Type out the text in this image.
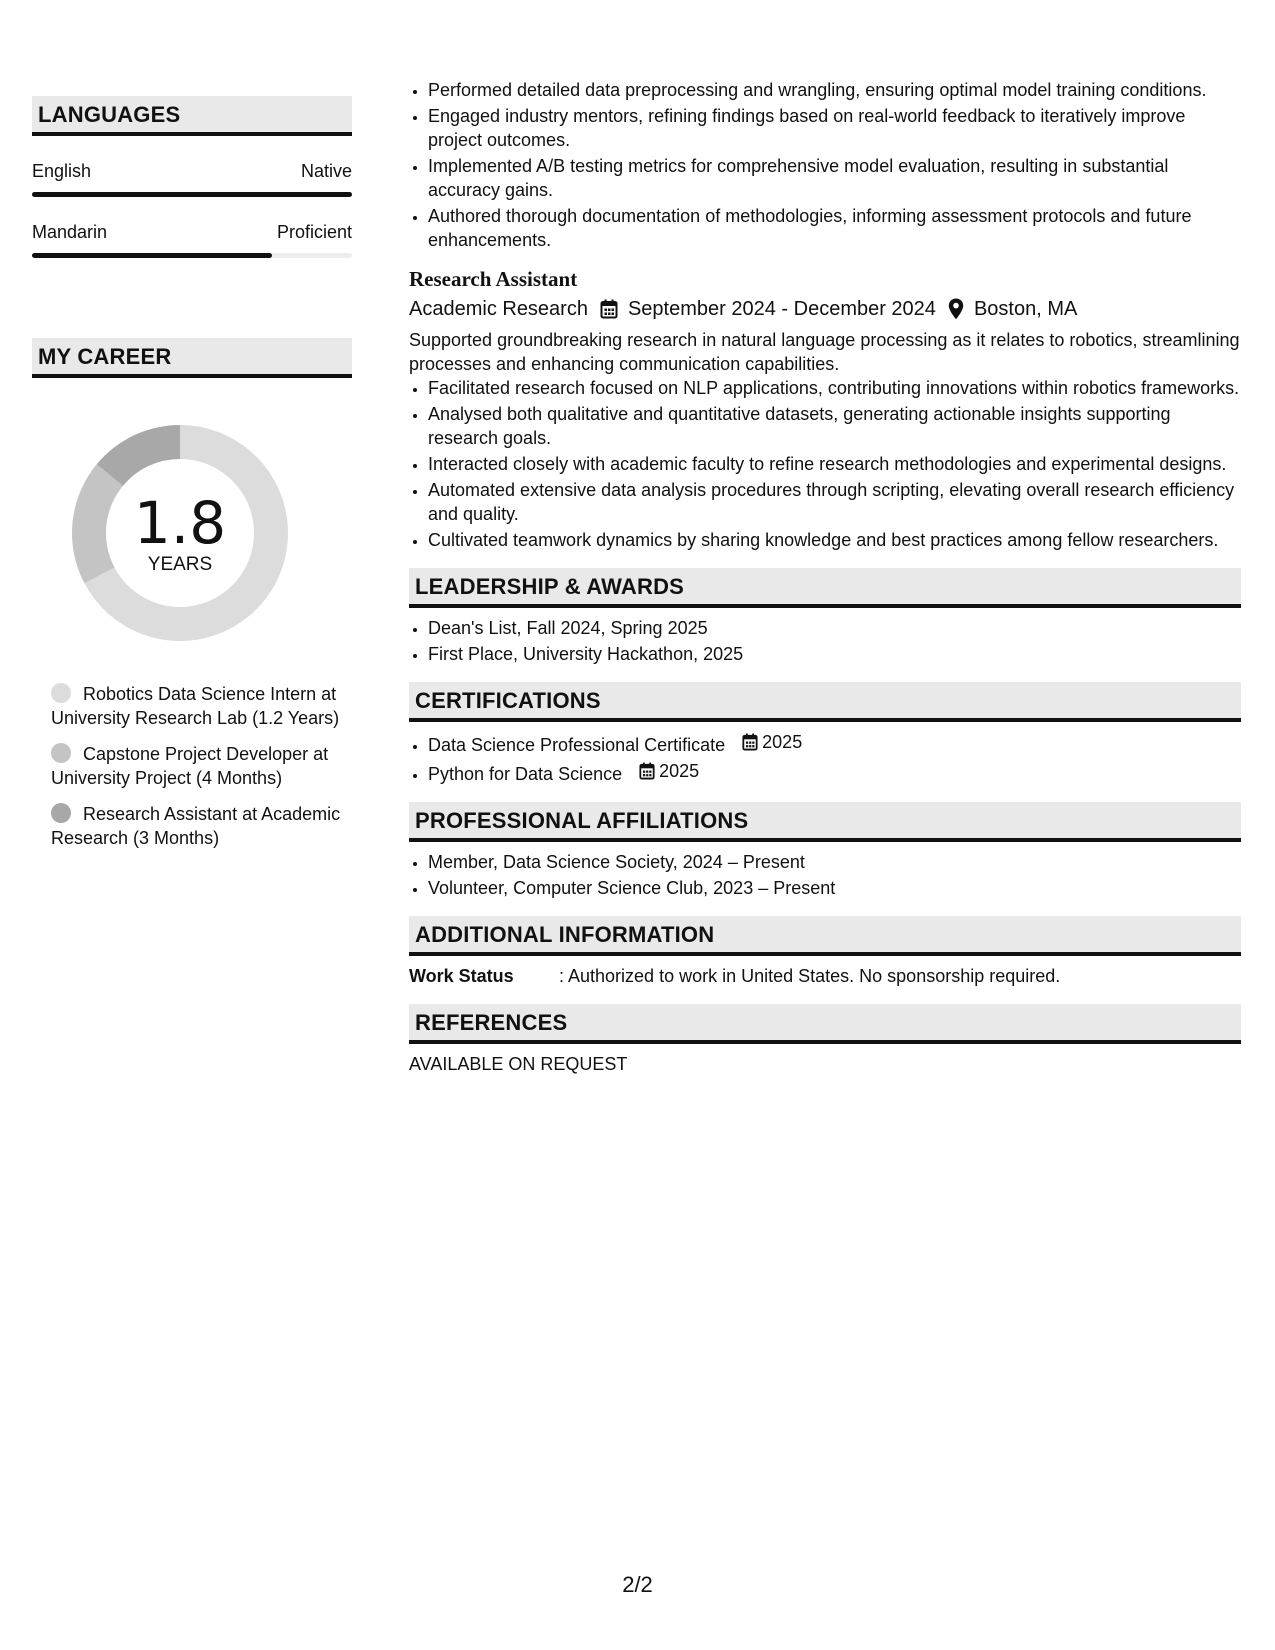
LANGUAGES
English	Native
Mandarin	Proficient
MY CAREER
1.8
YEARS
Robotics Data Science Intern at University Research Lab (1.2 Years)
Capstone Project Developer at University Project (4 Months)
Research Assistant at Academic Research (3 Months)
• Performed detailed data preprocessing and wrangling, ensuring optimal model training conditions.
• Engaged industry mentors, refining findings based on real-world feedback to iteratively improve project outcomes.
• Implemented A/B testing metrics for comprehensive model evaluation, resulting in substantial accuracy gains.
• Authored thorough documentation of methodologies, informing assessment protocols and future enhancements.
Research Assistant
Academic Research September 2024 - December 2024 Boston, MA
Supported groundbreaking research in natural language processing as it relates to robotics, streamlining processes and enhancing communication capabilities.
• Facilitated research focused on NLP applications, contributing innovations within robotics frameworks.
• Analysed both qualitative and quantitative datasets, generating actionable insights supporting research goals.
• Interacted closely with academic faculty to refine research methodologies and experimental designs.
• Automated extensive data analysis procedures through scripting, elevating overall research efficiency and quality.
• Cultivated teamwork dynamics by sharing knowledge and best practices among fellow researchers.
LEADERSHIP & AWARDS
• Dean's List, Fall 2024, Spring 2025
• First Place, University Hackathon, 2025
CERTIFICATIONS
• Data Science Professional Certificate 2025
• Python for Data Science 2025
PROFESSIONAL AFFILIATIONS
• Member, Data Science Society, 2024 – Present
• Volunteer, Computer Science Club, 2023 – Present
ADDITIONAL INFORMATION
Work Status	: Authorized to work in United States. No sponsorship required.
REFERENCES
AVAILABLE ON REQUEST
2/2
